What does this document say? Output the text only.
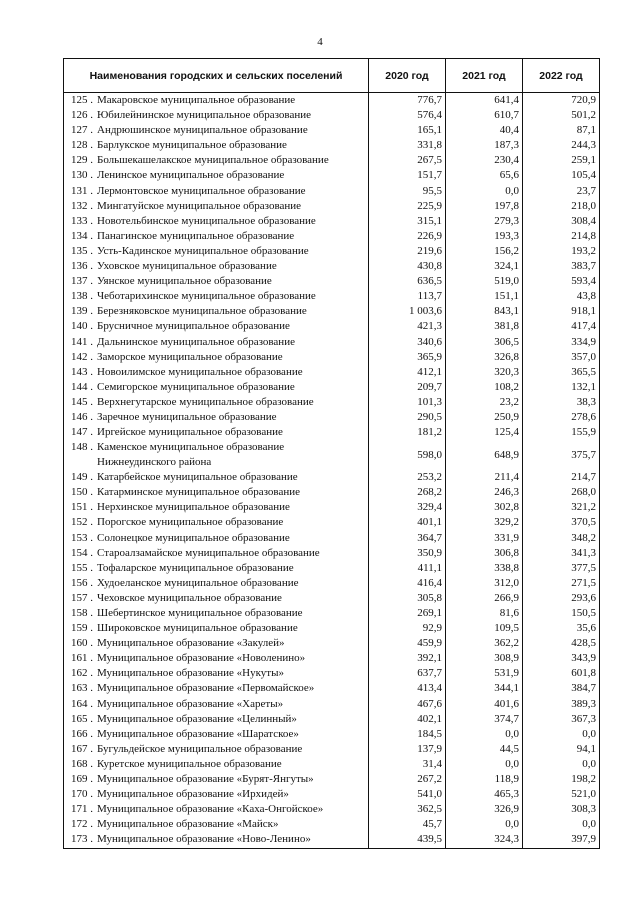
4
Наименования городских и сельских поселений	2020 год	2021 год	2022 год
125 . Макаровское муниципальное образование	776,7	641,4	720,9
126 . Юбилейнинское муниципальное образование	576,4	610,7	501,2
127 . Андрюшинское муниципальное образование	165,1	40,4	87,1
128 . Барлукское муниципальное образование	331,8	187,3	244,3
129 . Большекашелакское муниципальное образование	267,5	230,4	259,1
130 . Ленинское муниципальное образование	151,7	65,6	105,4
131 . Лермонтовское муниципальное образование	95,5	0,0	23,7
132 . Мингатуйское муниципальное образование	225,9	197,8	218,0
133 . Новотельбинское муниципальное образование	315,1	279,3	308,4
134 . Панагинское муниципальное образование	226,9	193,3	214,8
135 . Усть-Кадинское муниципальное образование	219,6	156,2	193,2
136 . Уховское муниципальное образование	430,8	324,1	383,7
137 . Уянское муниципальное образование	636,5	519,0	593,4
138 . Чеботарихинское муниципальное образование	113,7	151,1	43,8
139 . Березняковское муниципальное образование	1 003,6	843,1	918,1
140 . Брусничное муниципальное образование	421,3	381,8	417,4
141 . Дальнинское муниципальное образование	340,6	306,5	334,9
142 . Заморское муниципальное образование	365,9	326,8	357,0
143 . Новоилимское муниципальное образование	412,1	320,3	365,5
144 . Семигорское муниципальное образование	209,7	108,2	132,1
145 . Верхнегутарское муниципальное образование	101,3	23,2	38,3
146 . Заречное муниципальное образование	290,5	250,9	278,6
147 . Иргейское муниципальное образование	181,2	125,4	155,9
148 . Каменское муниципальное образование
Нижнеудинского района	598,0	648,9	375,7
149 . Катарбейское муниципальное образование	253,2	211,4	214,7
150 . Катарминское муниципальное образование	268,2	246,3	268,0
151 . Нерхинское муниципальное образование	329,4	302,8	321,2
152 . Порогское муниципальное образование	401,1	329,2	370,5
153 . Солонецкое муниципальное образование	364,7	331,9	348,2
154 . Староалзамайское муниципальное образование	350,9	306,8	341,3
155 . Тофаларское муниципальное образование	411,1	338,8	377,5
156 . Худоеланское муниципальное образование	416,4	312,0	271,5
157 . Чеховское муниципальное образование	305,8	266,9	293,6
158 . Шебертинское муниципальное образование	269,1	81,6	150,5
159 . Широковское муниципальное образование	92,9	109,5	35,6
160 . Муниципальное образование «Закулей»	459,9	362,2	428,5
161 . Муниципальное образование «Новоленино»	392,1	308,9	343,9
162 . Муниципальное образование «Нукуты»	637,7	531,9	601,8
163 . Муниципальное образование «Первомайское»	413,4	344,1	384,7
164 . Муниципальное образование «Хареты»	467,6	401,6	389,3
165 . Муниципальное образование «Целинный»	402,1	374,7	367,3
166 . Муниципальное образование «Шаратское»	184,5	0,0	0,0
167 . Бугульдейское муниципальное образование	137,9	44,5	94,1
168 . Куретское муниципальное образование	31,4	0,0	0,0
169 . Муниципальное образование «Бурят-Янгуты»	267,2	118,9	198,2
170 . Муниципальное образование «Ирхидей»	541,0	465,3	521,0
171 . Муниципальное образование «Каха-Онгойское»	362,5	326,9	308,3
172 . Муниципальное образование «Майск»	45,7	0,0	0,0
173 . Муниципальное образование «Ново-Ленино»	439,5	324,3	397,9
